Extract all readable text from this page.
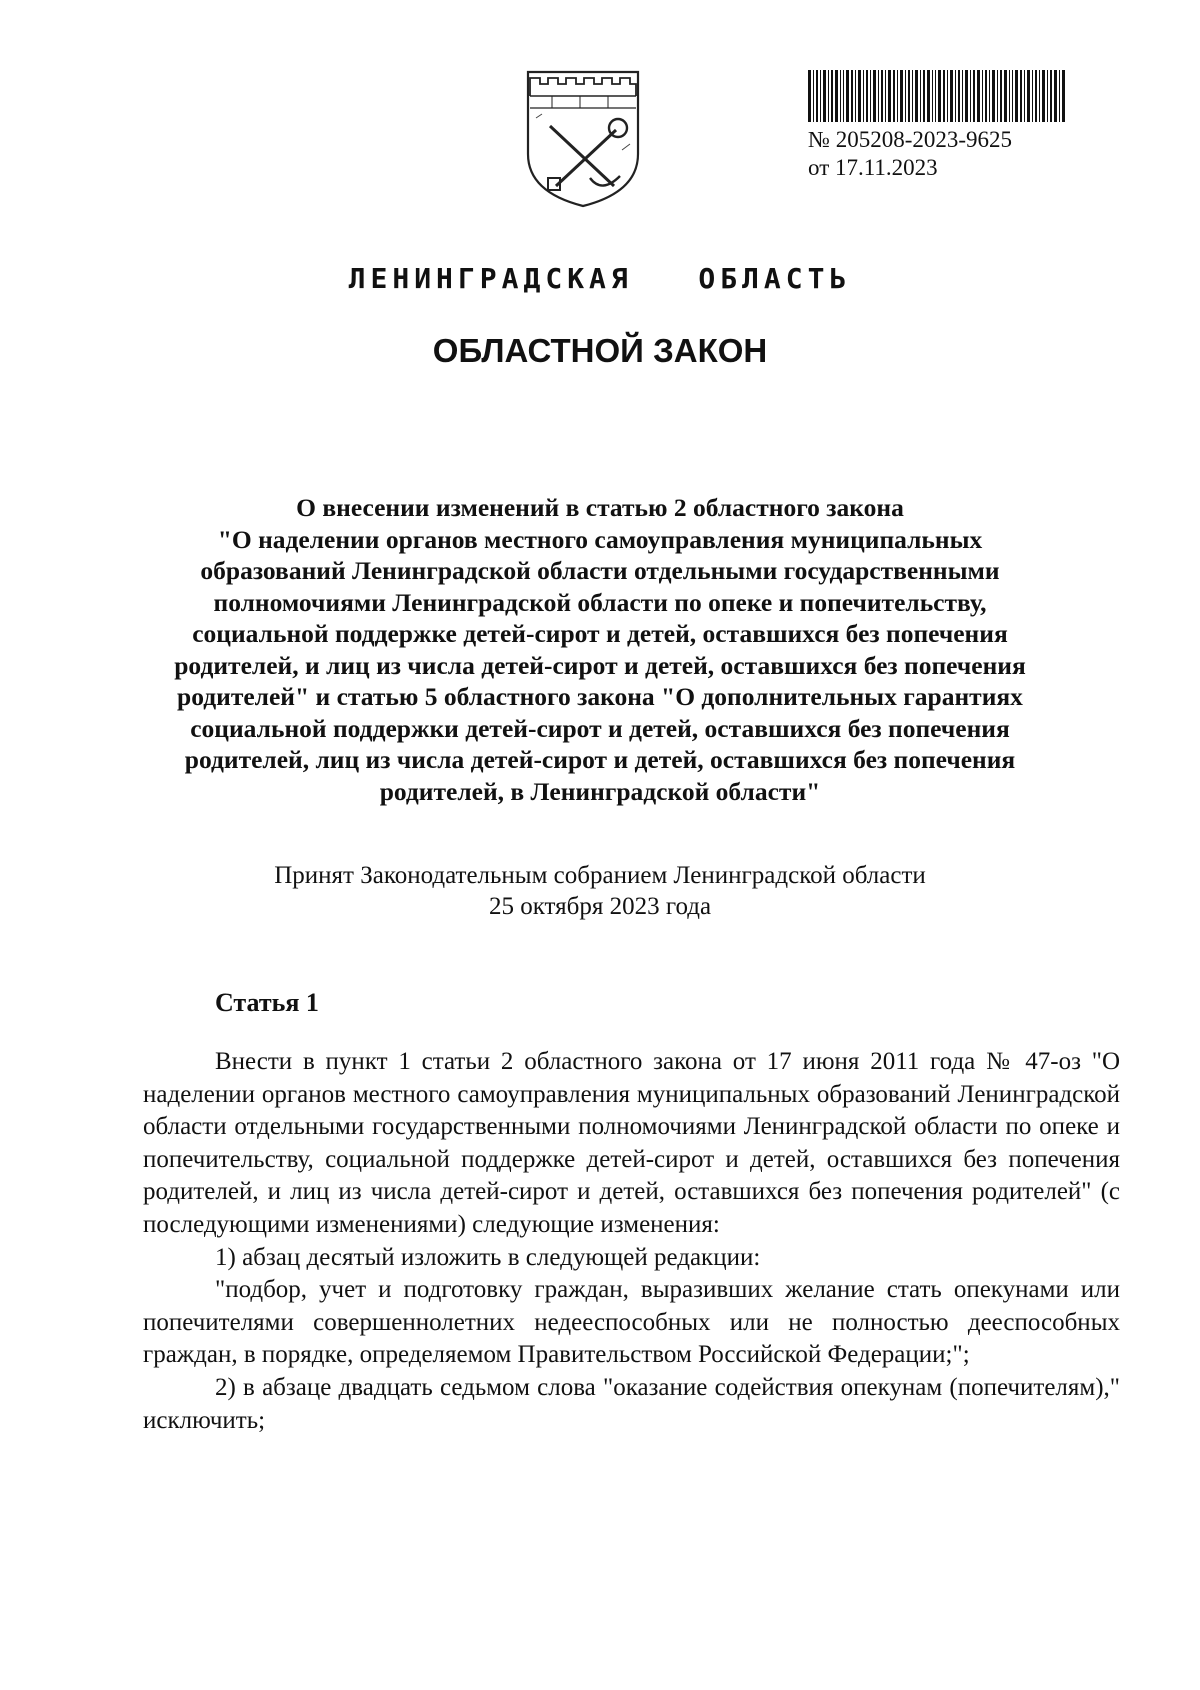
№ 205208-2023-9625
от 17.11.2023
ЛЕНИНГРАДСКАЯ   ОБЛАСТЬ
ОБЛАСТНОЙ ЗАКОН
О внесении изменений в статью 2 областного закона
"О наделении органов местного самоуправления муниципальных
образований Ленинградской области отдельными государственными
полномочиями Ленинградской области по опеке и попечительству,
социальной поддержке детей-сирот и детей, оставшихся без попечения
родителей, и лиц из числа детей-сирот и детей, оставшихся без попечения
родителей" и статью 5 областного закона "О дополнительных гарантиях
социальной поддержки детей-сирот и детей, оставшихся без попечения
родителей, лиц из числа детей-сирот и детей, оставшихся без попечения
родителей, в Ленинградской области"
Принят Законодательным собранием Ленинградской области
25 октября 2023 года
Статья 1

Внести в пункт 1 статьи 2 областного закона от 17 июня 2011 года № 47-оз "О наделении органов местного самоуправления муниципальных образований Ленинградской области отдельными государственными полномочиями Ленинградской области по опеке и попечительству, социальной поддержке детей-сирот и детей, оставшихся без попечения родителей, и лиц из числа детей-сирот и детей, оставшихся без попечения родителей" (с последующими изменениями) следующие изменения:

1) абзац десятый изложить в следующей редакции:

"подбор, учет и подготовку граждан, выразивших желание стать опекунами или попечителями совершеннолетних недееспособных или не полностью дееспособных граждан, в порядке, определяемом Правительством Российской Федерации;";

2) в абзаце двадцать седьмом слова "оказание содействия опекунам (попечителям)," исключить;
